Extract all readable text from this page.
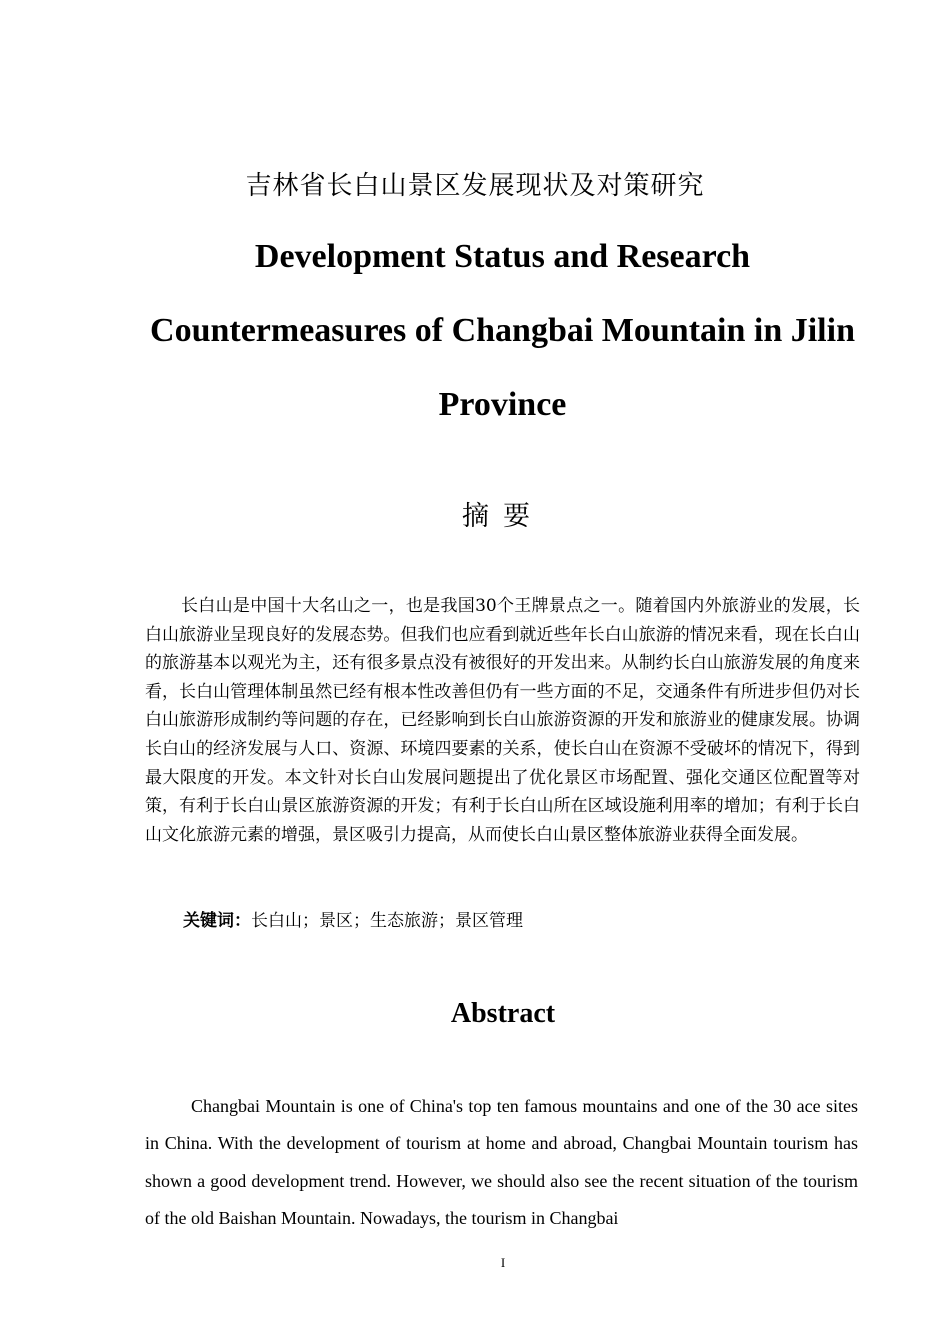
吉林省长白山景区发展现状及对策研究
Development Status and Research Countermeasures of Changbai Mountain in Jilin Province
摘要
长白山是中国十大名山之一，也是我国30个王牌景点之一。随着国内外旅游业的发展，长白山旅游业呈现良好的发展态势。但我们也应看到就近些年长白山旅游的情况来看，现在长白山的旅游基本以观光为主，还有很多景点没有被很好的开发出来。从制约长白山旅游发展的角度来看，长白山管理体制虽然已经有根本性改善但仍有一些方面的不足，交通条件有所进步但仍对长白山旅游形成制约等问题的存在，已经影响到长白山旅游资源的开发和旅游业的健康发展。协调长白山的经济发展与人口、资源、环境四要素的关系，使长白山在资源不受破坏的情况下，得到最大限度的开发。本文针对长白山发展问题提出了优化景区市场配置、强化交通区位配置等对策，有利于长白山景区旅游资源的开发；有利于长白山所在区域设施利用率的增加；有利于长白山文化旅游元素的增强，景区吸引力提高，从而使长白山景区整体旅游业获得全面发展。
关键词：长白山；景区；生态旅游；景区管理
Abstract
Changbai Mountain is one of China's top ten famous mountains and one of the 30 ace sites in China. With the development of tourism at home and abroad, Changbai Mountain tourism has shown a good development trend. However, we should also see the recent situation of the tourism of the old Baishan Mountain. Nowadays, the tourism in Changbai
I
